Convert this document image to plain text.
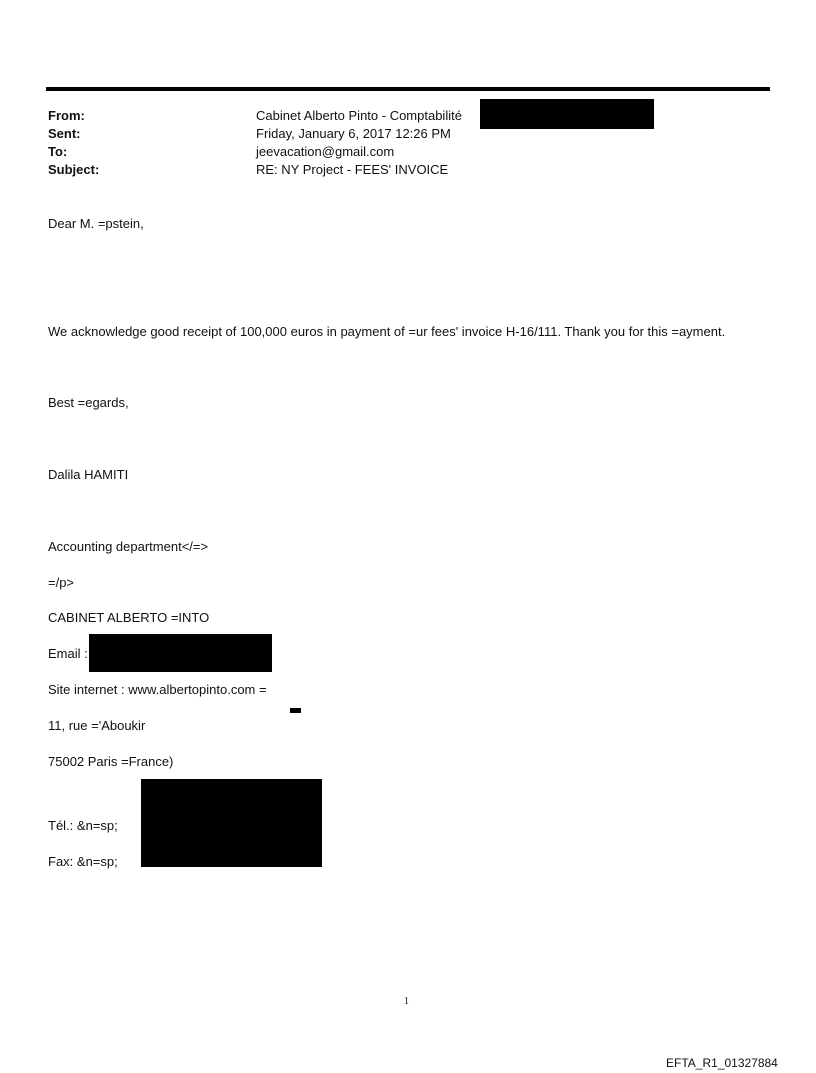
From:	Cabinet Alberto Pinto - Comptabilité
Sent:	Friday, January 6, 2017 12:26 PM
To:	jeevacation@gmail.com
Subject:	RE: NY Project - FEES' INVOICE
Dear M. =pstein,
We acknowledge good receipt of 100,000 euros in payment of =ur fees' invoice H-16/111. Thank you for this =ayment.
Best =egards,
Dalila HAMITI
Accounting department</=>
=/p>
CABINET ALBERTO =INTO
Email :
Site internet : www.albertopinto.com =
11, rue ='Aboukir
75002 Paris =France)
Tél.: &n=sp;
Fax: &n=sp;
1
EFTA_R1_01327884
